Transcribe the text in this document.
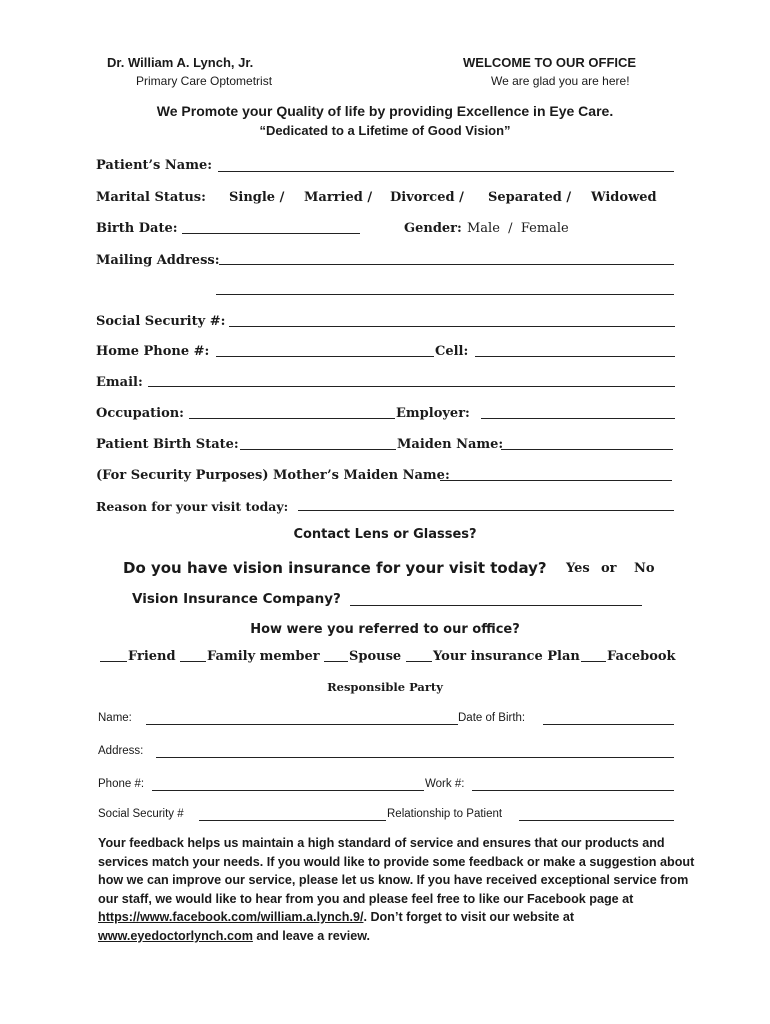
Dr. William A. Lynch, Jr.
Primary Care Optometrist
WELCOME TO OUR OFFICE
We are glad you are here!
We Promote your Quality of life by providing Excellence in Eye Care.
“Dedicated to a Lifetime of Good Vision”
Patient’s Name:
Marital Status: Single / Married / Divorced / Separated / Widowed
Birth Date:	Gender: Male  /  Female
Mailing Address:
Social Security #:
Home Phone #:	Cell:
Email:
Occupation:	Employer:
Patient Birth State:	Maiden Name:
(For Security Purposes) Mother’s Maiden Name:
Reason for your visit today:
Contact Lens or Glasses?
Do you have vision insurance for your visit today? Yes or No
Vision Insurance Company?
How were you referred to our office?
Friend Family member Spouse Your insurance Plan Facebook
Responsible Party
Name:	Date of Birth:
Address:
Phone #:	Work #:
Social Security #	Relationship to Patient
Your feedback helps us maintain a high standard of service and ensures that our products and services match your needs. If you would like to provide some feedback or make a suggestion about how we can improve our service, please let us know. If you have received exceptional service from our staff, we would like to hear from you and please feel free to like our Facebook page at https://www.facebook.com/william.a.lynch.9/. Don’t forget to visit our website at www.eyedoctorlynch.com and leave a review.
